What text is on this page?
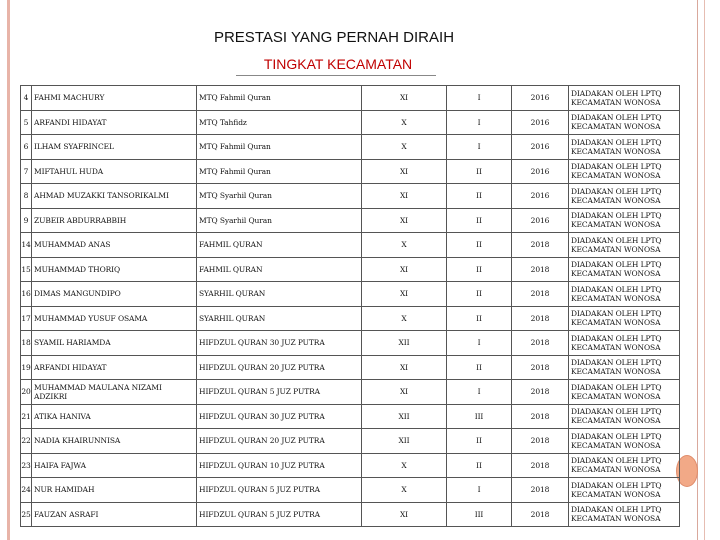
PRESTASI YANG PERNAH DIRAIH
TINGKAT KECAMATAN
4	FAHMI MACHURY	MTQ Fahmil Quran	XI	I	2016	DIADAKAN OLEH LPTQ KECAMATAN WONOSA
5	ARFANDI HIDAYAT	MTQ Tahfidz	X	I	2016	DIADAKAN OLEH LPTQ KECAMATAN WONOSA
6	ILHAM SYAFRINCEL	MTQ Fahmil Quran	X	I	2016	DIADAKAN OLEH LPTQ KECAMATAN WONOSA
7	MIFTAHUL HUDA	MTQ Fahmil Quran	XI	II	2016	DIADAKAN OLEH LPTQ KECAMATAN WONOSA
8	AHMAD MUZAKKI TANSORIKALMI	MTQ Syarhil Quran	XI	II	2016	DIADAKAN OLEH LPTQ KECAMATAN WONOSA
9	ZUBEIR ABDURRABBIH	MTQ Syarhil Quran	XI	II	2016	DIADAKAN OLEH LPTQ KECAMATAN WONOSA
14	MUHAMMAD ANAS	FAHMIL QURAN	X	II	2018	DIADAKAN OLEH LPTQ KECAMATAN WONOSA
15	MUHAMMAD THORIQ	FAHMIL QURAN	XI	II	2018	DIADAKAN OLEH LPTQ KECAMATAN WONOSA
16	DIMAS MANGUNDIPO	SYARHIL QURAN	XI	II	2018	DIADAKAN OLEH LPTQ KECAMATAN WONOSA
17	MUHAMMAD YUSUF OSAMA	SYARHIL QURAN	X	II	2018	DIADAKAN OLEH LPTQ KECAMATAN WONOSA
18	SYAMIL HARIAMDA	HIFDZUL QURAN 30 JUZ PUTRA	XII	I	2018	DIADAKAN OLEH LPTQ KECAMATAN WONOSA
19	ARFANDI HIDAYAT	HIFDZUL QURAN 20 JUZ PUTRA	XI	II	2018	DIADAKAN OLEH LPTQ KECAMATAN WONOSA
20	MUHAMMAD MAULANA NIZAMI ADZIKRI	HIFDZUL QURAN 5 JUZ PUTRA	XI	I	2018	DIADAKAN OLEH LPTQ KECAMATAN WONOSA
21	ATIKA HANIVA	HIFDZUL QURAN 30 JUZ PUTRA	XII	III	2018	DIADAKAN OLEH LPTQ KECAMATAN WONOSA
22	NADIA KHAIRUNNISA	HIFDZUL QURAN 20 JUZ PUTRA	XII	II	2018	DIADAKAN OLEH LPTQ KECAMATAN WONOSA
23	HAIFA FAJWA	HIFDZUL QURAN 10 JUZ PUTRA	X	II	2018	DIADAKAN OLEH LPTQ KECAMATAN WONOSA
24	NUR HAMIDAH	HIFDZUL QURAN 5 JUZ PUTRA	X	I	2018	DIADAKAN OLEH LPTQ KECAMATAN WONOSA
25	FAUZAN ASRAFI	HIFDZUL QURAN 5 JUZ PUTRA	XI	III	2018	DIADAKAN OLEH LPTQ KECAMATAN WONOSA
